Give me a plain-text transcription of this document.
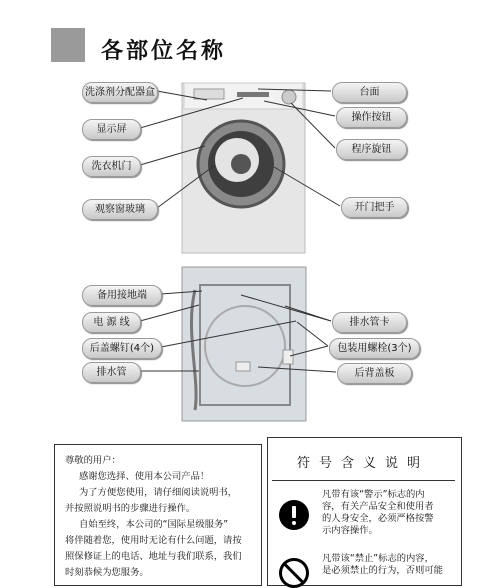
各部位名称
洗涤剂分配器盒
显示屏
洗衣机门
观察窗玻璃
台面
操作按钮
程序旋钮
开门把手
备用接地端
电 源 线
后盖螺钉(4个)
排水管
排水管卡
包装用螺栓(3个)
后背盖板
尊敬的用户：
感谢您选择、使用本公司产品！
为了方便您使用，请仔细阅读说明书，
并按照说明书的步骤进行操作。
自始至终，本公司的“国际星级服务”
将伴随着您，使用时无论有什么问题，请按
照保修证上的电话、地址与我们联系，我们
时刻恭候为您服务。
符号含义说明
凡带有该“警示”标志的内
容，有关产品安全和使用者
的人身安全，必须严格按警
示内容操作。
凡带该“禁止”标志的内容，
是必须禁止的行为，否则可能
